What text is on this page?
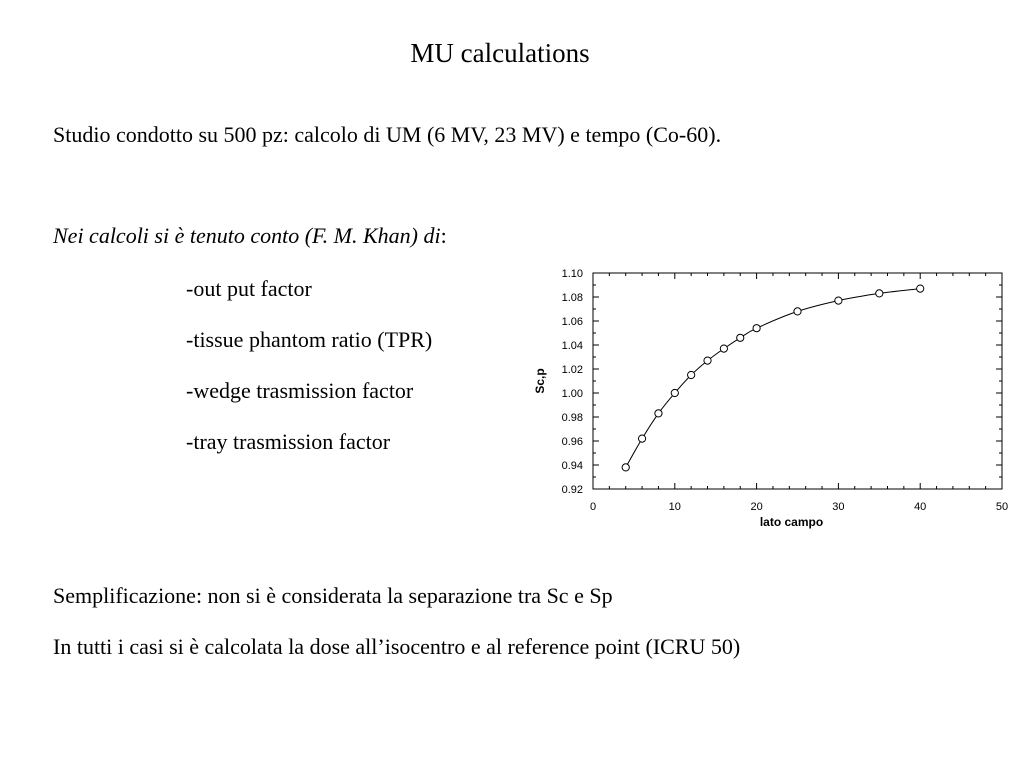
MU calculations
Studio condotto su 500 pz: calcolo di UM (6 MV, 23 MV) e tempo (Co-60).
Nei calcoli si è tenuto conto (F. M. Khan) di:
-out put factor
-tissue phantom ratio (TPR)
-wedge trasmission factor
-tray trasmission factor
Semplificazione: non si è considerata la separazione tra Sc e Sp
In tutti i casi si è calcolata la dose all’isocentro e al reference point (ICRU 50)
0	10	20	30	40	50
0.92
0.94
0.96
0.98
1.00
1.02
1.04
1.06
1.08
1.10
lato campo
Sc,p
